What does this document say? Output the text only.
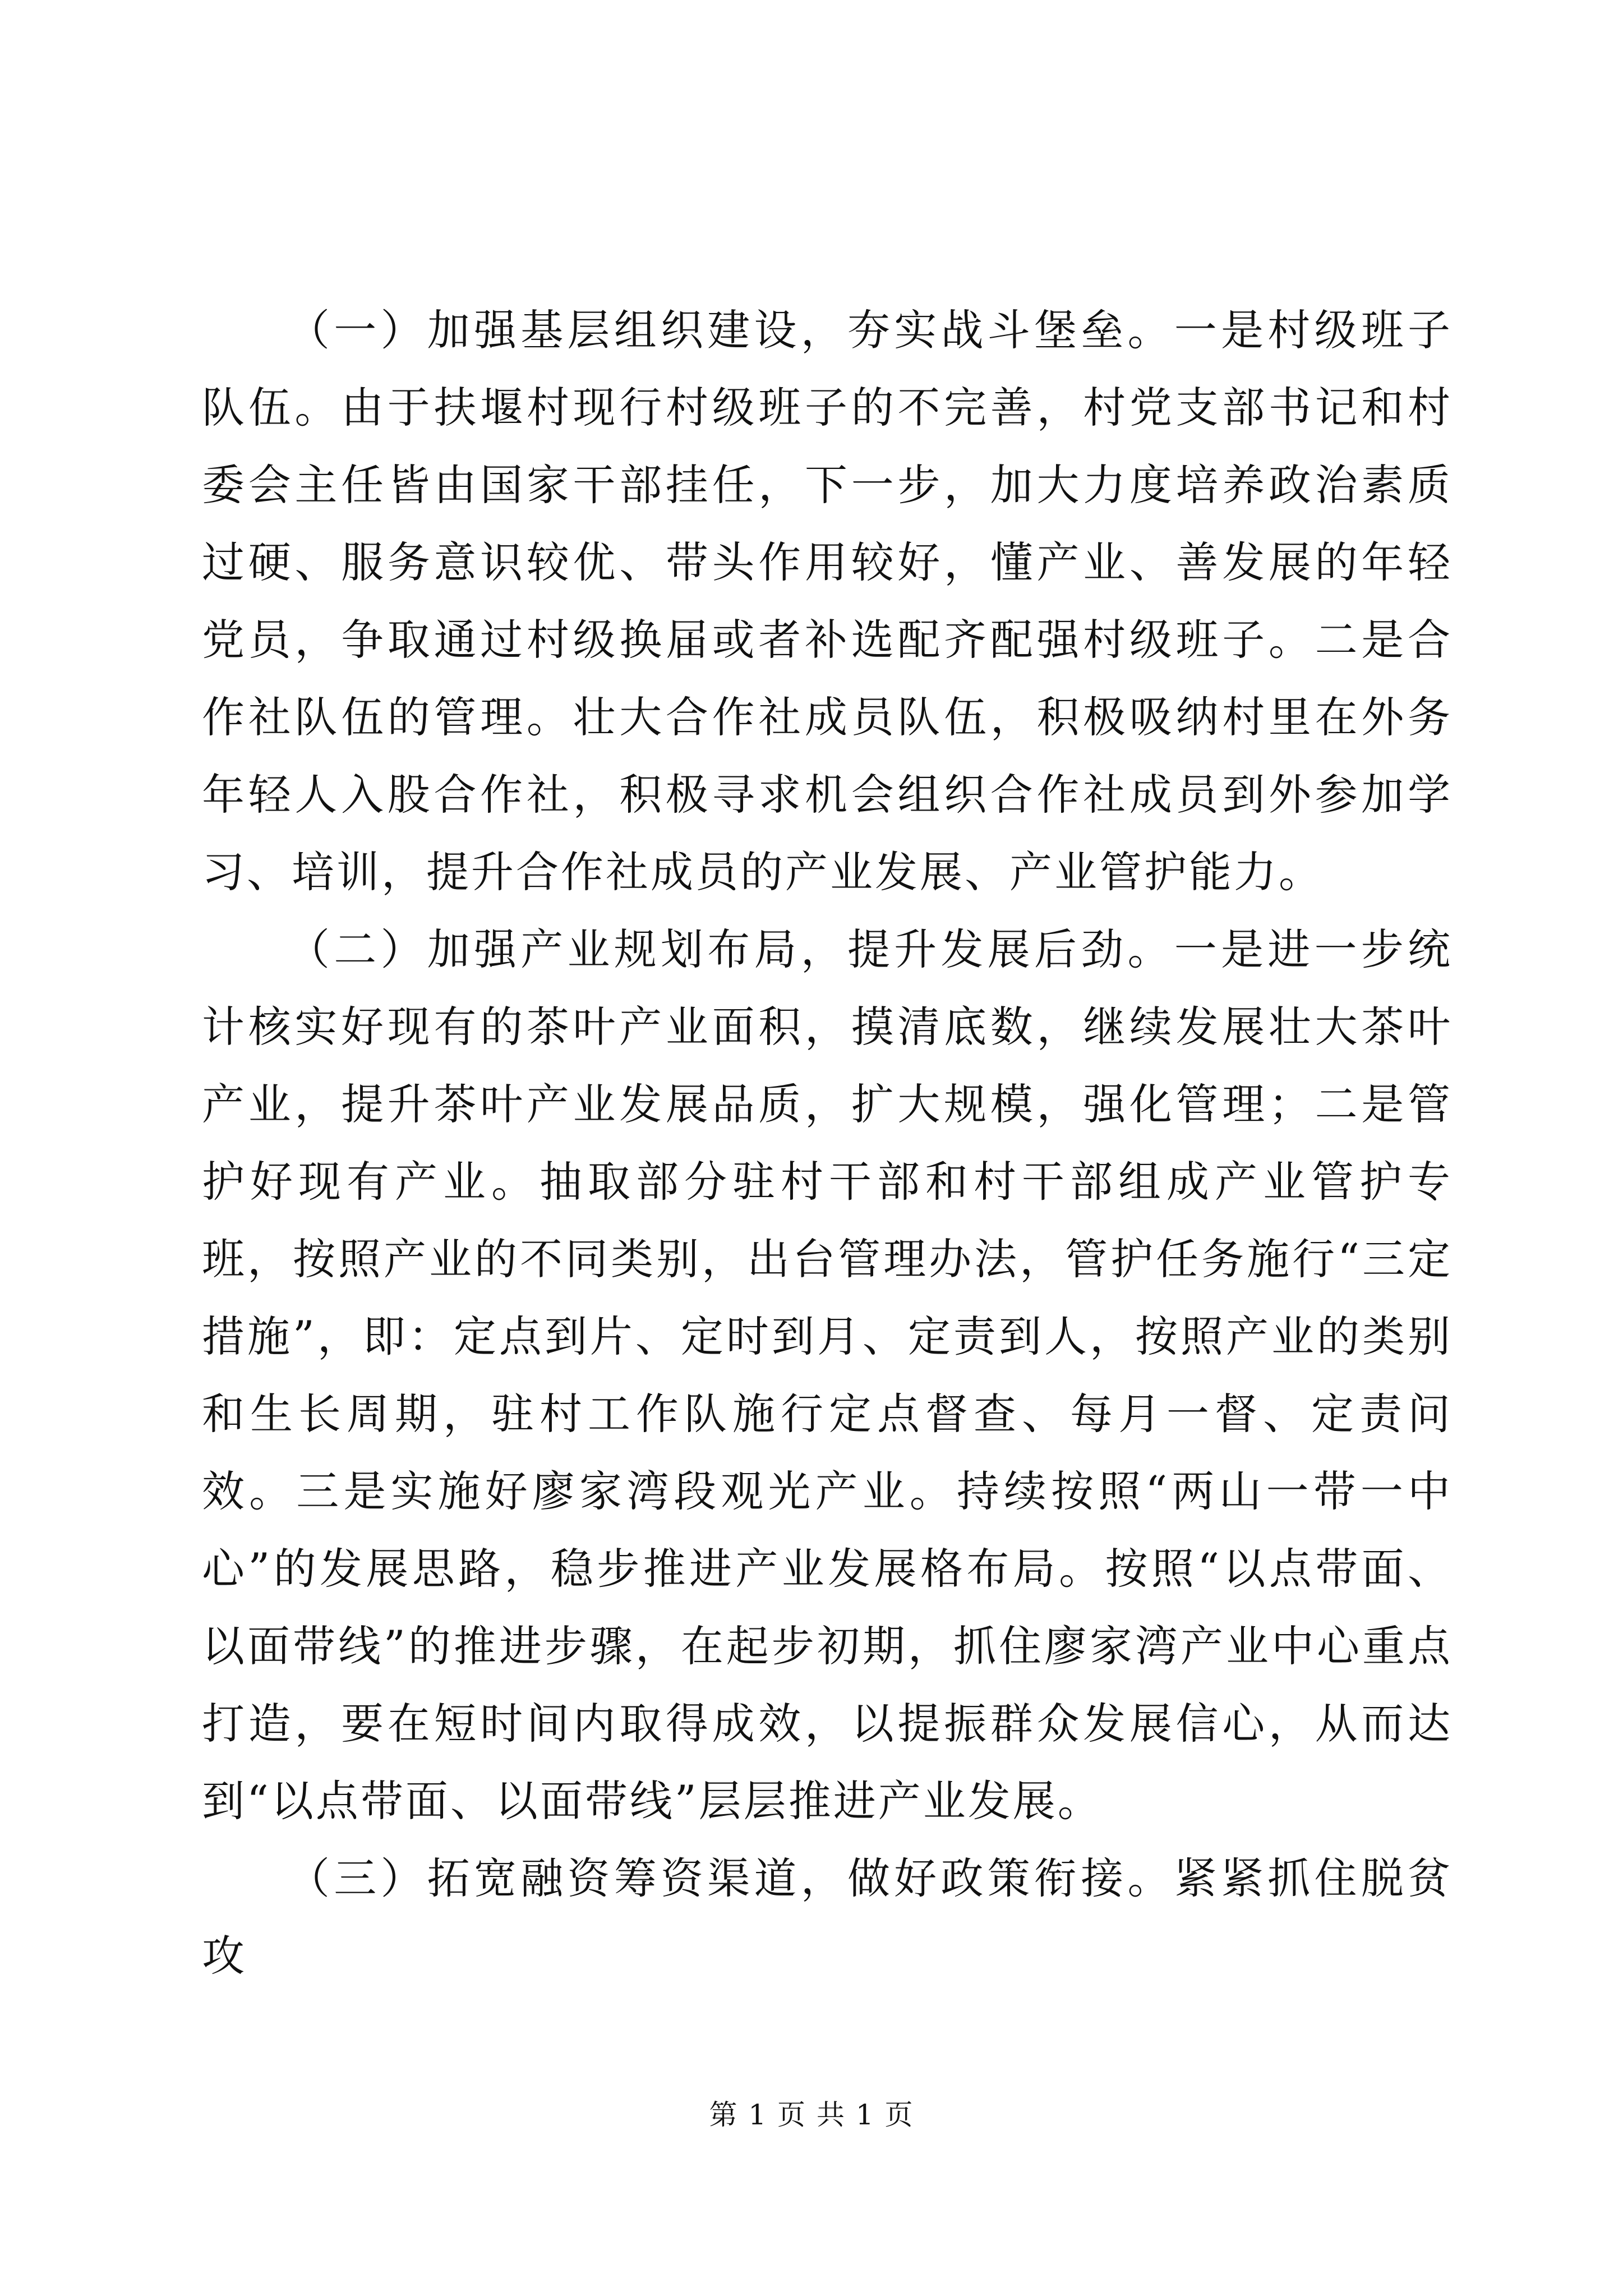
（一）加强基层组织建设，夯实战斗堡垒。一是村级班子队伍。由于扶堰村现行村级班子的不完善，村党支部书记和村委会主任皆由国家干部挂任，下一步，加大力度培养政治素质过硬、服务意识较优、带头作用较好，懂产业、善发展的年轻党员，争取通过村级换届或者补选配齐配强村级班子。二是合作社队伍的管理。壮大合作社成员队伍，积极吸纳村里在外务年轻人入股合作社，积极寻求机会组织合作社成员到外参加学习、培训，提升合作社成员的产业发展、产业管护能力。

（二）加强产业规划布局，提升发展后劲。一是进一步统计核实好现有的茶叶产业面积，摸清底数，继续发展壮大茶叶产业，提升茶叶产业发展品质，扩大规模，强化管理；二是管护好现有产业。抽取部分驻村干部和村干部组成产业管护专班，按照产业的不同类别，出台管理办法，管护任务施行“三定措施”，即：定点到片、定时到月、定责到人，按照产业的类别和生长周期，驻村工作队施行定点督查、每月一督、定责问效。三是实施好廖家湾段观光产业。持续按照“两山一带一中心”的发展思路，稳步推进产业发展格布局。按照“以点带面、以面带线”的推进步骤，在起步初期，抓住廖家湾产业中心重点打造，要在短时间内取得成效，以提振群众发展信心，从而达到“以点带面、以面带线”层层推进产业发展。

（三）拓宽融资筹资渠道，做好政策衔接。紧紧抓住脱贫攻

第 1 页 共 1 页
